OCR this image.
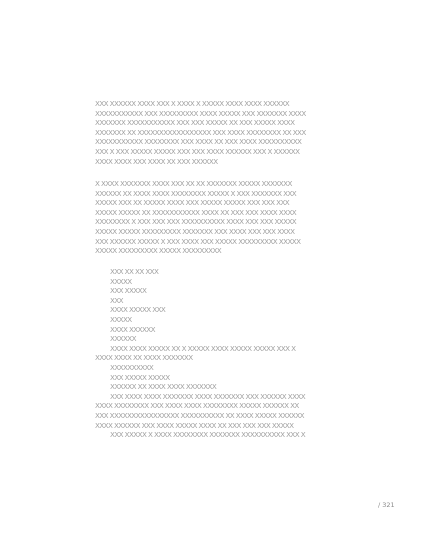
XXX XXXXXX XXXX XXX X XXXX X XXXXX XXXX XXXX XXXXXX
XXXXXXXXXXX XXX XXXXXXXXX XXXX XXXXX XXX XXXXXXX XXXX
XXXXXXX XXXXXXXXXXX XXX XXX XXXXX XX XXX XXXXX XXXX
XXXXXXX XX XXXXXXXXXXXXXXXXX XXX XXXX XXXXXXXX XX XXX
XXXXXXXXXXX XXXXXXXX XXX XXXX XX XXX XXXX XXXXXXXXXX
XXX X XXX XXXXX XXXXX XXX XXX XXXX XXXXXX XXX X XXXXXX
XXXX XXXX XXX XXXX XX XXX XXXXXX
X XXXX XXXXXXX XXXX XXX XX XX XXXXXXX XXXXX XXXXXXX
XXXXXX XX XXXX XXXX XXXXXXXX XXXXX X XXX XXXXXXX XXX
XXXXX XXX XX XXXXX XXXX XXX XXXXX XXXXX XXX XXX XXX
XXXXX XXXXX XX XXXXXXXXXXX XXXX XX XXX XXX XXXX XXXX
XXXXXXXX X XXX XXX XXX XXXXXXXXXX XXXX XXX XXX XXXXX
XXXXX XXXXX XXXXXXXXX XXXXXXX XXX XXXX XXX XXX XXXX
XXX XXXXXX XXXXX X XXX XXXX XXX XXXXX XXXXXXXXX XXXXX
XXXXX XXXXXXXXX XXXXX XXXXXXXXX
XXX XX XX XXX
XXXXX
XXX XXXXX
XXX
XXXX XXXXX XXX
XXXXX
XXXX XXXXXX
XXXXXX
XXXX XXXX XXXXX XX X XXXXX XXXX XXXXX XXXXX XXX X
XXXX XXXX XX XXXX XXXXXXX
XXXXXXXXXX
XXX XXXXX XXXXX
XXXXXX XX XXXX XXXX XXXXXXX
XXX XXXX XXXX XXXXXXX XXXX XXXXXXX XXX XXXXXX XXXX
XXXX XXXXXXXX XXX XXXX XXXX XXXXXXXX XXXXX XXXXXX XX
XXX XXXXXXXXXXXXXXXX XXXXXXXXXX XX XXXX XXXXX XXXXXX
XXXX XXXXXX XXX XXXX XXXXX XXXX XX XXX XXX XXX XXXXX
XXX XXXXX X XXXX XXXXXXXX XXXXXXX XXXXXXXXXX XXX X
/ 321
